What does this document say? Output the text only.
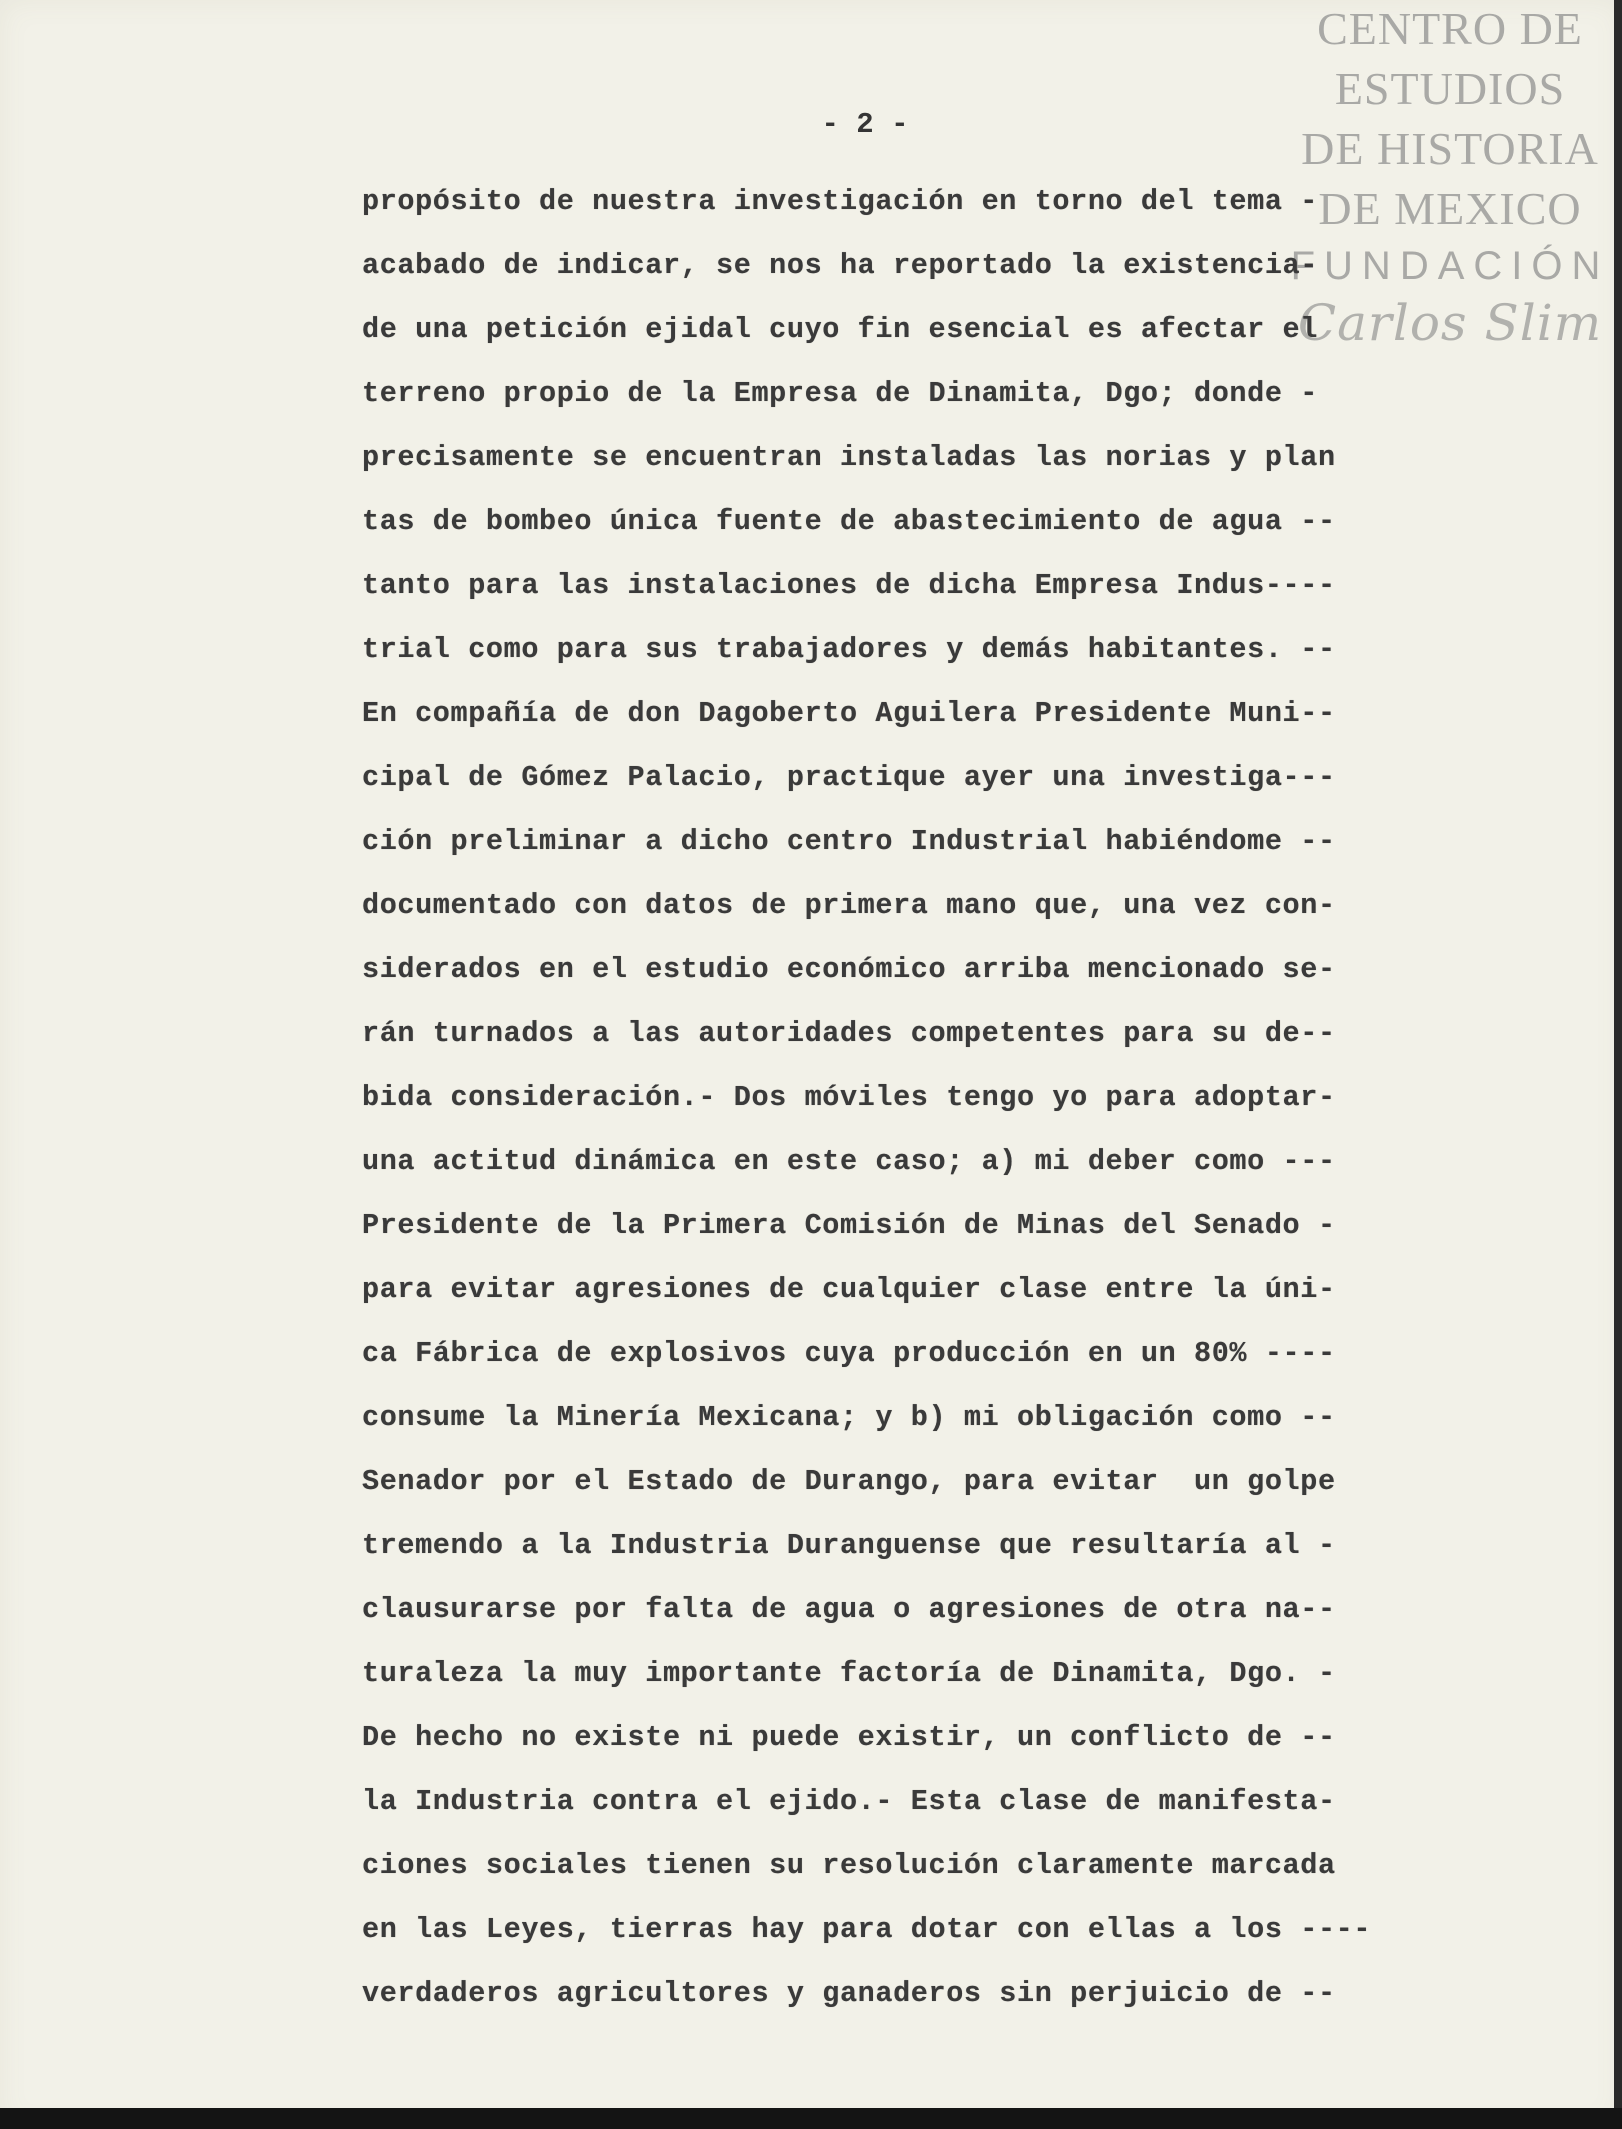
CENTRO DE
ESTUDIOS
DE HISTORIA
DE MEXICO
FUNDACIÓN
Carlos Slim
- 2 -
propósito de nuestra investigación en torno del tema -
acabado de indicar, se nos ha reportado la existencia-
de una petición ejidal cuyo fin esencial es afectar el
terreno propio de la Empresa de Dinamita, Dgo; donde -
precisamente se encuentran instaladas las norias y plan
tas de bombeo única fuente de abastecimiento de agua --
tanto para las instalaciones de dicha Empresa Indus----
trial como para sus trabajadores y demás habitantes. --
En compañía de don Dagoberto Aguilera Presidente Muni--
cipal de Gómez Palacio, practique ayer una investiga---
ción preliminar a dicho centro Industrial habiéndome --
documentado con datos de primera mano que, una vez con-
siderados en el estudio económico arriba mencionado se-
rán turnados a las autoridades competentes para su de--
bida consideración.- Dos móviles tengo yo para adoptar-
una actitud dinámica en este caso; a) mi deber como ---
Presidente de la Primera Comisión de Minas del Senado -
para evitar agresiones de cualquier clase entre la úni-
ca Fábrica de explosivos cuya producción en un 80% ----
consume la Minería Mexicana; y b) mi obligación como --
Senador por el Estado de Durango, para evitar  un golpe
tremendo a la Industria Duranguense que resultaría al -
clausurarse por falta de agua o agresiones de otra na--
turaleza la muy importante factoría de Dinamita, Dgo. -
De hecho no existe ni puede existir, un conflicto de --
la Industria contra el ejido.- Esta clase de manifesta-
ciones sociales tienen su resolución claramente marcada
en las Leyes, tierras hay para dotar con ellas a los ----
verdaderos agricultores y ganaderos sin perjuicio de --
